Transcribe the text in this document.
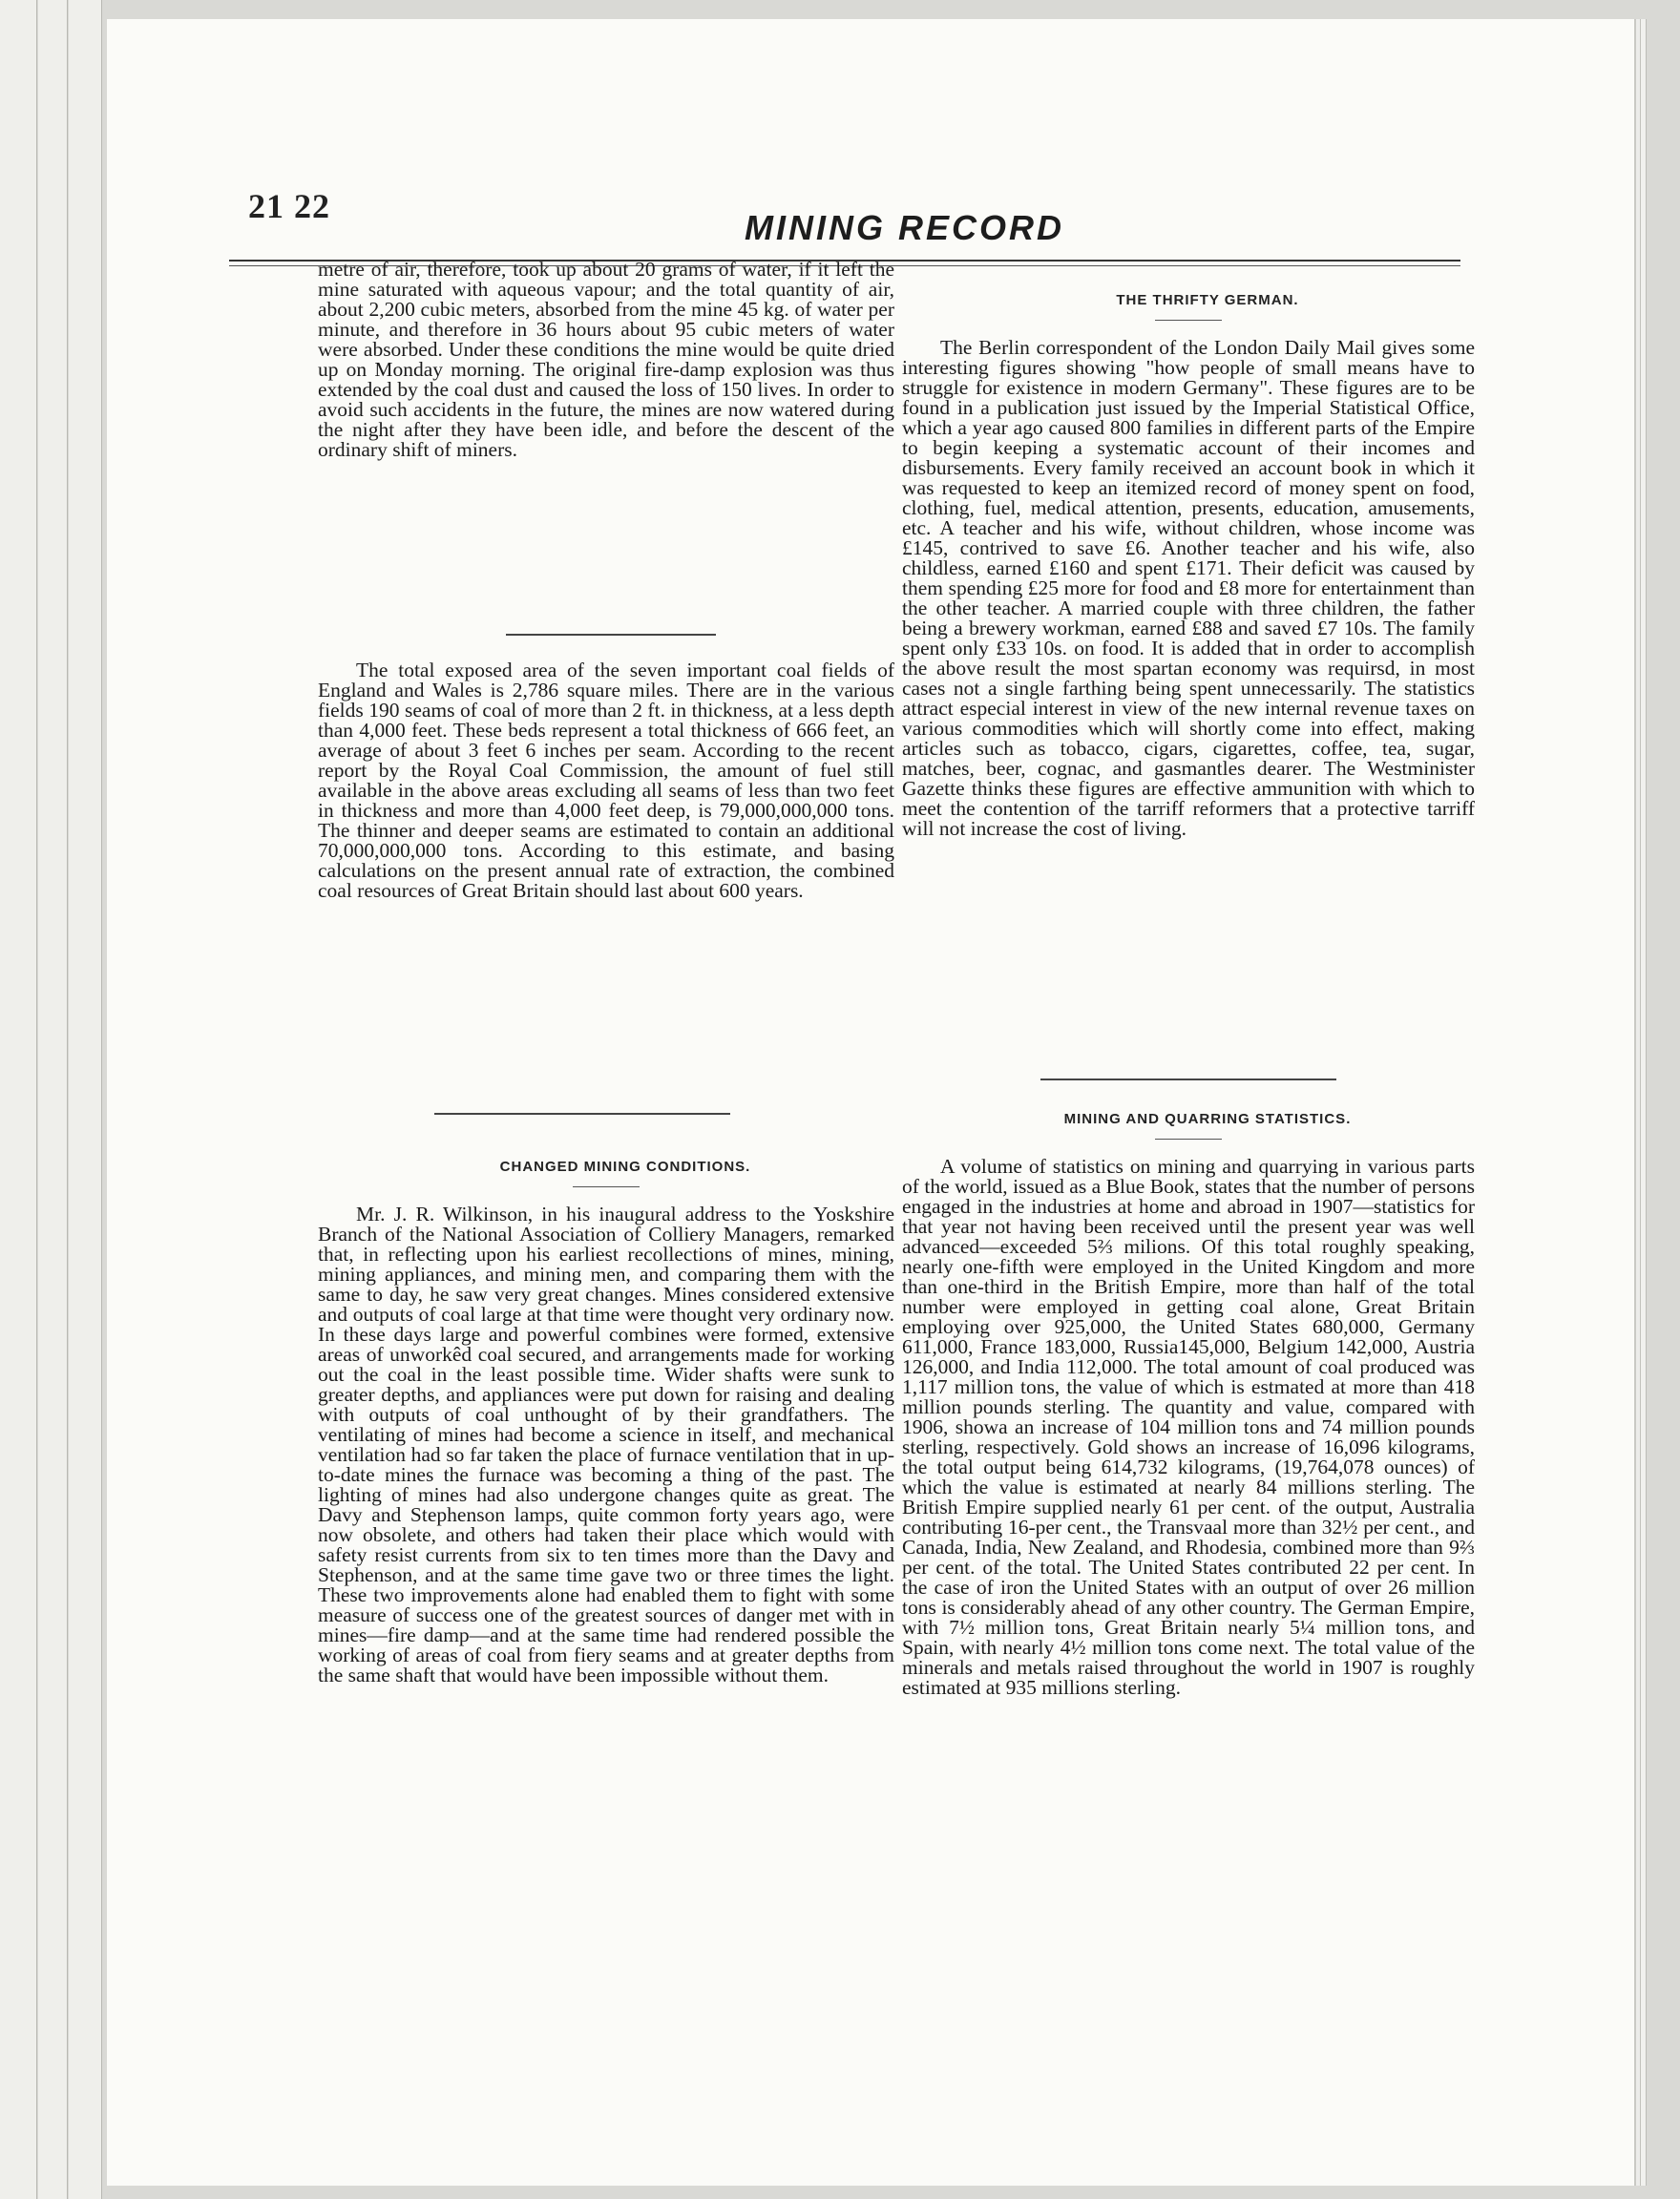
21 22
MINING RECORD

metre of air, therefore, took up about 20 grams of water, if it left the mine saturated with aqueous vapour; and the total quantity of air, about 2,200 cubic meters, absorbed from the mine 45 kg. of water per minute, and therefore in 36 hours about 95 cubic meters of water were absorbed. Under these conditions the mine would be quite dried up on Monday morning. The original fire-damp explosion was thus extended by the coal dust and caused the loss of 150 lives. In order to avoid such accidents in the future, the mines are now watered during the night after they have been idle, and before the descent of the ordinary shift of miners.

The total exposed area of the seven important coal fields of England and Wales is 2,786 square miles. There are in the various fields 190 seams of coal of more than 2 ft. in thickness, at a less depth than 4,000 feet. These beds represent a total thickness of 666 feet, an average of about 3 feet 6 inches per seam. According to the recent report by the Royal Coal Commission, the amount of fuel still available in the above areas excluding all seams of less than two feet in thickness and more than 4,000 feet deep, is 79,000,000,000 tons. The thinner and deeper seams are estimated to contain an additional 70,000,000,000 tons. According to this estimate, and basing calculations on the present annual rate of extraction, the combined coal resources of Great Britain should last about 600 years.

CHANGED MINING CONDITIONS.

Mr. J. R. Wilkinson, in his inaugural address to the Yoskshire Branch of the National Association of Colliery Managers, remarked that, in reflecting upon his earliest recollections of mines, mining, mining appliances, and mining men, and comparing them with the same to day, he saw very great changes. Mines considered extensive and outputs of coal large at that time were thought very ordinary now. In these days large and powerful combines were formed, extensive areas of unworkêd coal secured, and arrangements made for working out the coal in the least possible time. Wider shafts were sunk to greater depths, and appliances were put down for raising and dealing with outputs of coal unthought of by their grandfathers. The ventilating of mines had become a science in itself, and mechanical ventilation had so far taken the place of furnace ventilation that in up-to-date mines the furnace was becoming a thing of the past. The lighting of mines had also undergone changes quite as great. The Davy and Stephenson lamps, quite common forty years ago, were now obsolete, and others had taken their place which would with safety resist currents from six to ten times more than the Davy and Stephenson, and at the same time gave two or three times the light. These two improvements alone had enabled them to fight with some measure of success one of the greatest sources of danger met with in mines—fire damp—and at the same time had rendered possible the working of areas of coal from fiery seams and at greater depths from the same shaft that would have been impossible without them.

THE THRIFTY GERMAN.

The Berlin correspondent of the London Daily Mail gives some interesting figures showing "how people of small means have to struggle for existence in modern Germany". These figures are to be found in a publication just issued by the Imperial Statistical Office, which a year ago caused 800 families in different parts of the Empire to begin keeping a systematic account of their incomes and disbursements. Every family received an account book in which it was requested to keep an itemized record of money spent on food, clothing, fuel, medical attention, presents, education, amusements, etc. A teacher and his wife, without children, whose income was £145, contrived to save £6. Another teacher and his wife, also childless, earned £160 and spent £171. Their deficit was caused by them spending £25 more for food and £8 more for entertainment than the other teacher. A married couple with three children, the father being a brewery workman, earned £88 and saved £7 10s. The family spent only £33 10s. on food. It is added that in order to accomplish the above result the most spartan economy was requirsd, in most cases not a single farthing being spent unnecessarily. The statistics attract especial interest in view of the new internal revenue taxes on various commodities which will shortly come into effect, making articles such as tobacco, cigars, cigarettes, coffee, tea, sugar, matches, beer, cognac, and gasmantles dearer. The Westminister Gazette thinks these figures are effective ammunition with which to meet the contention of the tarriff reformers that a protective tarriff will not increase the cost of living.

MINING AND QUARRING STATISTICS.

A volume of statistics on mining and quarrying in various parts of the world, issued as a Blue Book, states that the number of persons engaged in the industries at home and abroad in 1907—statistics for that year not having been received until the present year was well advanced—exceeded 5⅔ milions. Of this total roughly speaking, nearly one-fifth were employed in the United Kingdom and more than one-third in the British Empire, more than half of the total number were employed in getting coal alone, Great Britain employing over 925,000, the United States 680,000, Germany 611,000, France 183,000, Russia145,000, Belgium 142,000, Austria 126,000, and India 112,000. The total amount of coal produced was 1,117 million tons, the value of which is estmated at more than 418 million pounds sterling. The quantity and value, compared with 1906, showa an increase of 104 million tons and 74 million pounds sterling, respectively. Gold shows an increase of 16,096 kilograms, the total output being 614,732 kilograms, (19,764,078 ounces) of which the value is estimated at nearly 84 millions sterling. The British Empire supplied nearly 61 per cent. of the output, Australia contributing 16-per cent., the Transvaal more than 32½ per cent., and Canada, India, New Zealand, and Rhodesia, combined more than 9⅔ per cent. of the total. The United States contributed 22 per cent. In the case of iron the United States with an output of over 26 million tons is considerably ahead of any other country. The German Empire, with 7½ million tons, Great Britain nearly 5¼ million tons, and Spain, with nearly 4½ million tons come next. The total value of the minerals and metals raised throughout the world in 1907 is roughly estimated at 935 millions sterling.
